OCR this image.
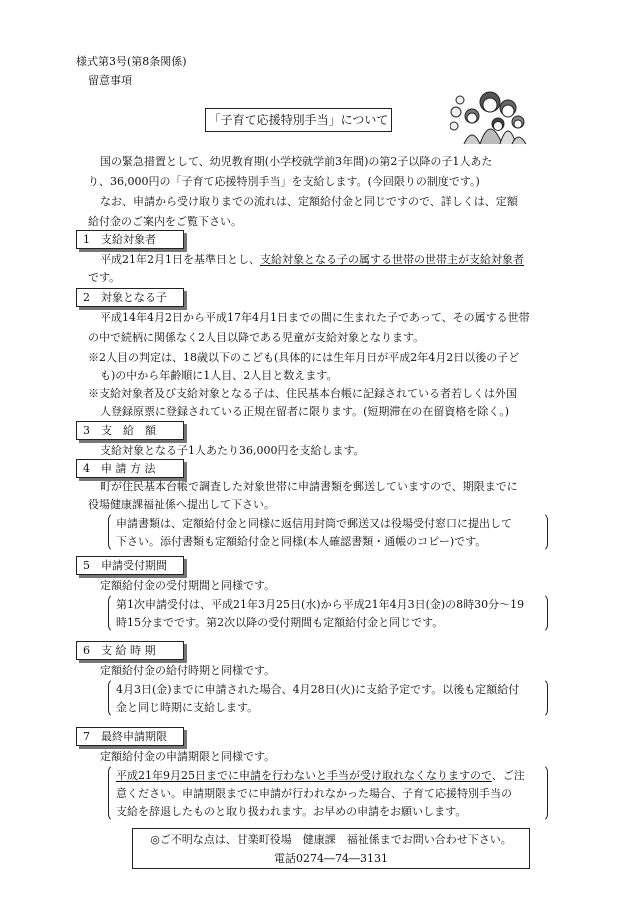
様式第3号(第8条関係)
留意事項
「子育て応援特別手当」について
国の緊急措置として、幼児教育期(小学校就学前3年間)の第2子以降の子1人あた
り、36,000円の「子育て応援特別手当」を支給します。(今回限りの制度です。)
なお、申請から受け取りまでの流れは、定額給付金と同じですので、詳しくは、定額
給付金のご案内をご覧下さい。
1　支給対象者
平成21年2月1日を基準日とし、支給対象となる子の属する世帯の世帯主が支給対象者
です。
2　対象となる子
平成14年4月2日から平成17年4月1日までの間に生まれた子であって、その属する世帯
の中で続柄に関係なく2人目以降である児童が支給対象となります。
※2人目の判定は、18歳以下のこども(具体的には生年月日が平成2年4月2日以後の子ど
も)の中から年齢順に1人目、2人目と数えます。
※支給対象者及び支給対象となる子は、住民基本台帳に記録されている者若しくは外国
人登録原票に登録されている正規在留者に限ります。(短期滞在の在留資格を除く。)
3　支　給　額
支給対象となる子1人あたり36,000円を支給します。
4　申 請 方 法
町が住民基本台帳で調査した対象世帯に申請書類を郵送していますので、期限までに
役場健康課福祉係へ提出して下さい。
申請書類は、定額給付金と同様に返信用封筒で郵送又は役場受付窓口に提出して
下さい。添付書類も定額給付金と同様(本人確認書類・通帳のコピー)です。
5　申請受付期間
定額給付金の受付期間と同様です。
第1次申請受付は、平成21年3月25日(水)から平成21年4月3日(金)の8時30分～19
時15分までです。第2次以降の受付期間も定額給付金と同じです。
6　支 給 時 期
定額給付金の給付時期と同様です。
4月3日(金)までに申請された場合、4月28日(火)に支給予定です。以後も定額給付
金と同じ時期に支給します。
7　最終申請期限
定額給付金の申請期限と同様です。
平成21年9月25日までに申請を行わないと手当が受け取れなくなりますので、ご注
意ください。申請期限までに申請が行われなかった場合、子育て応援特別手当の
支給を辞退したものと取り扱われます。お早めの申請をお願いします。
◎ご不明な点は、甘楽町役場　健康課　福祉係までお問い合わせ下さい。
電話0274―74―3131
